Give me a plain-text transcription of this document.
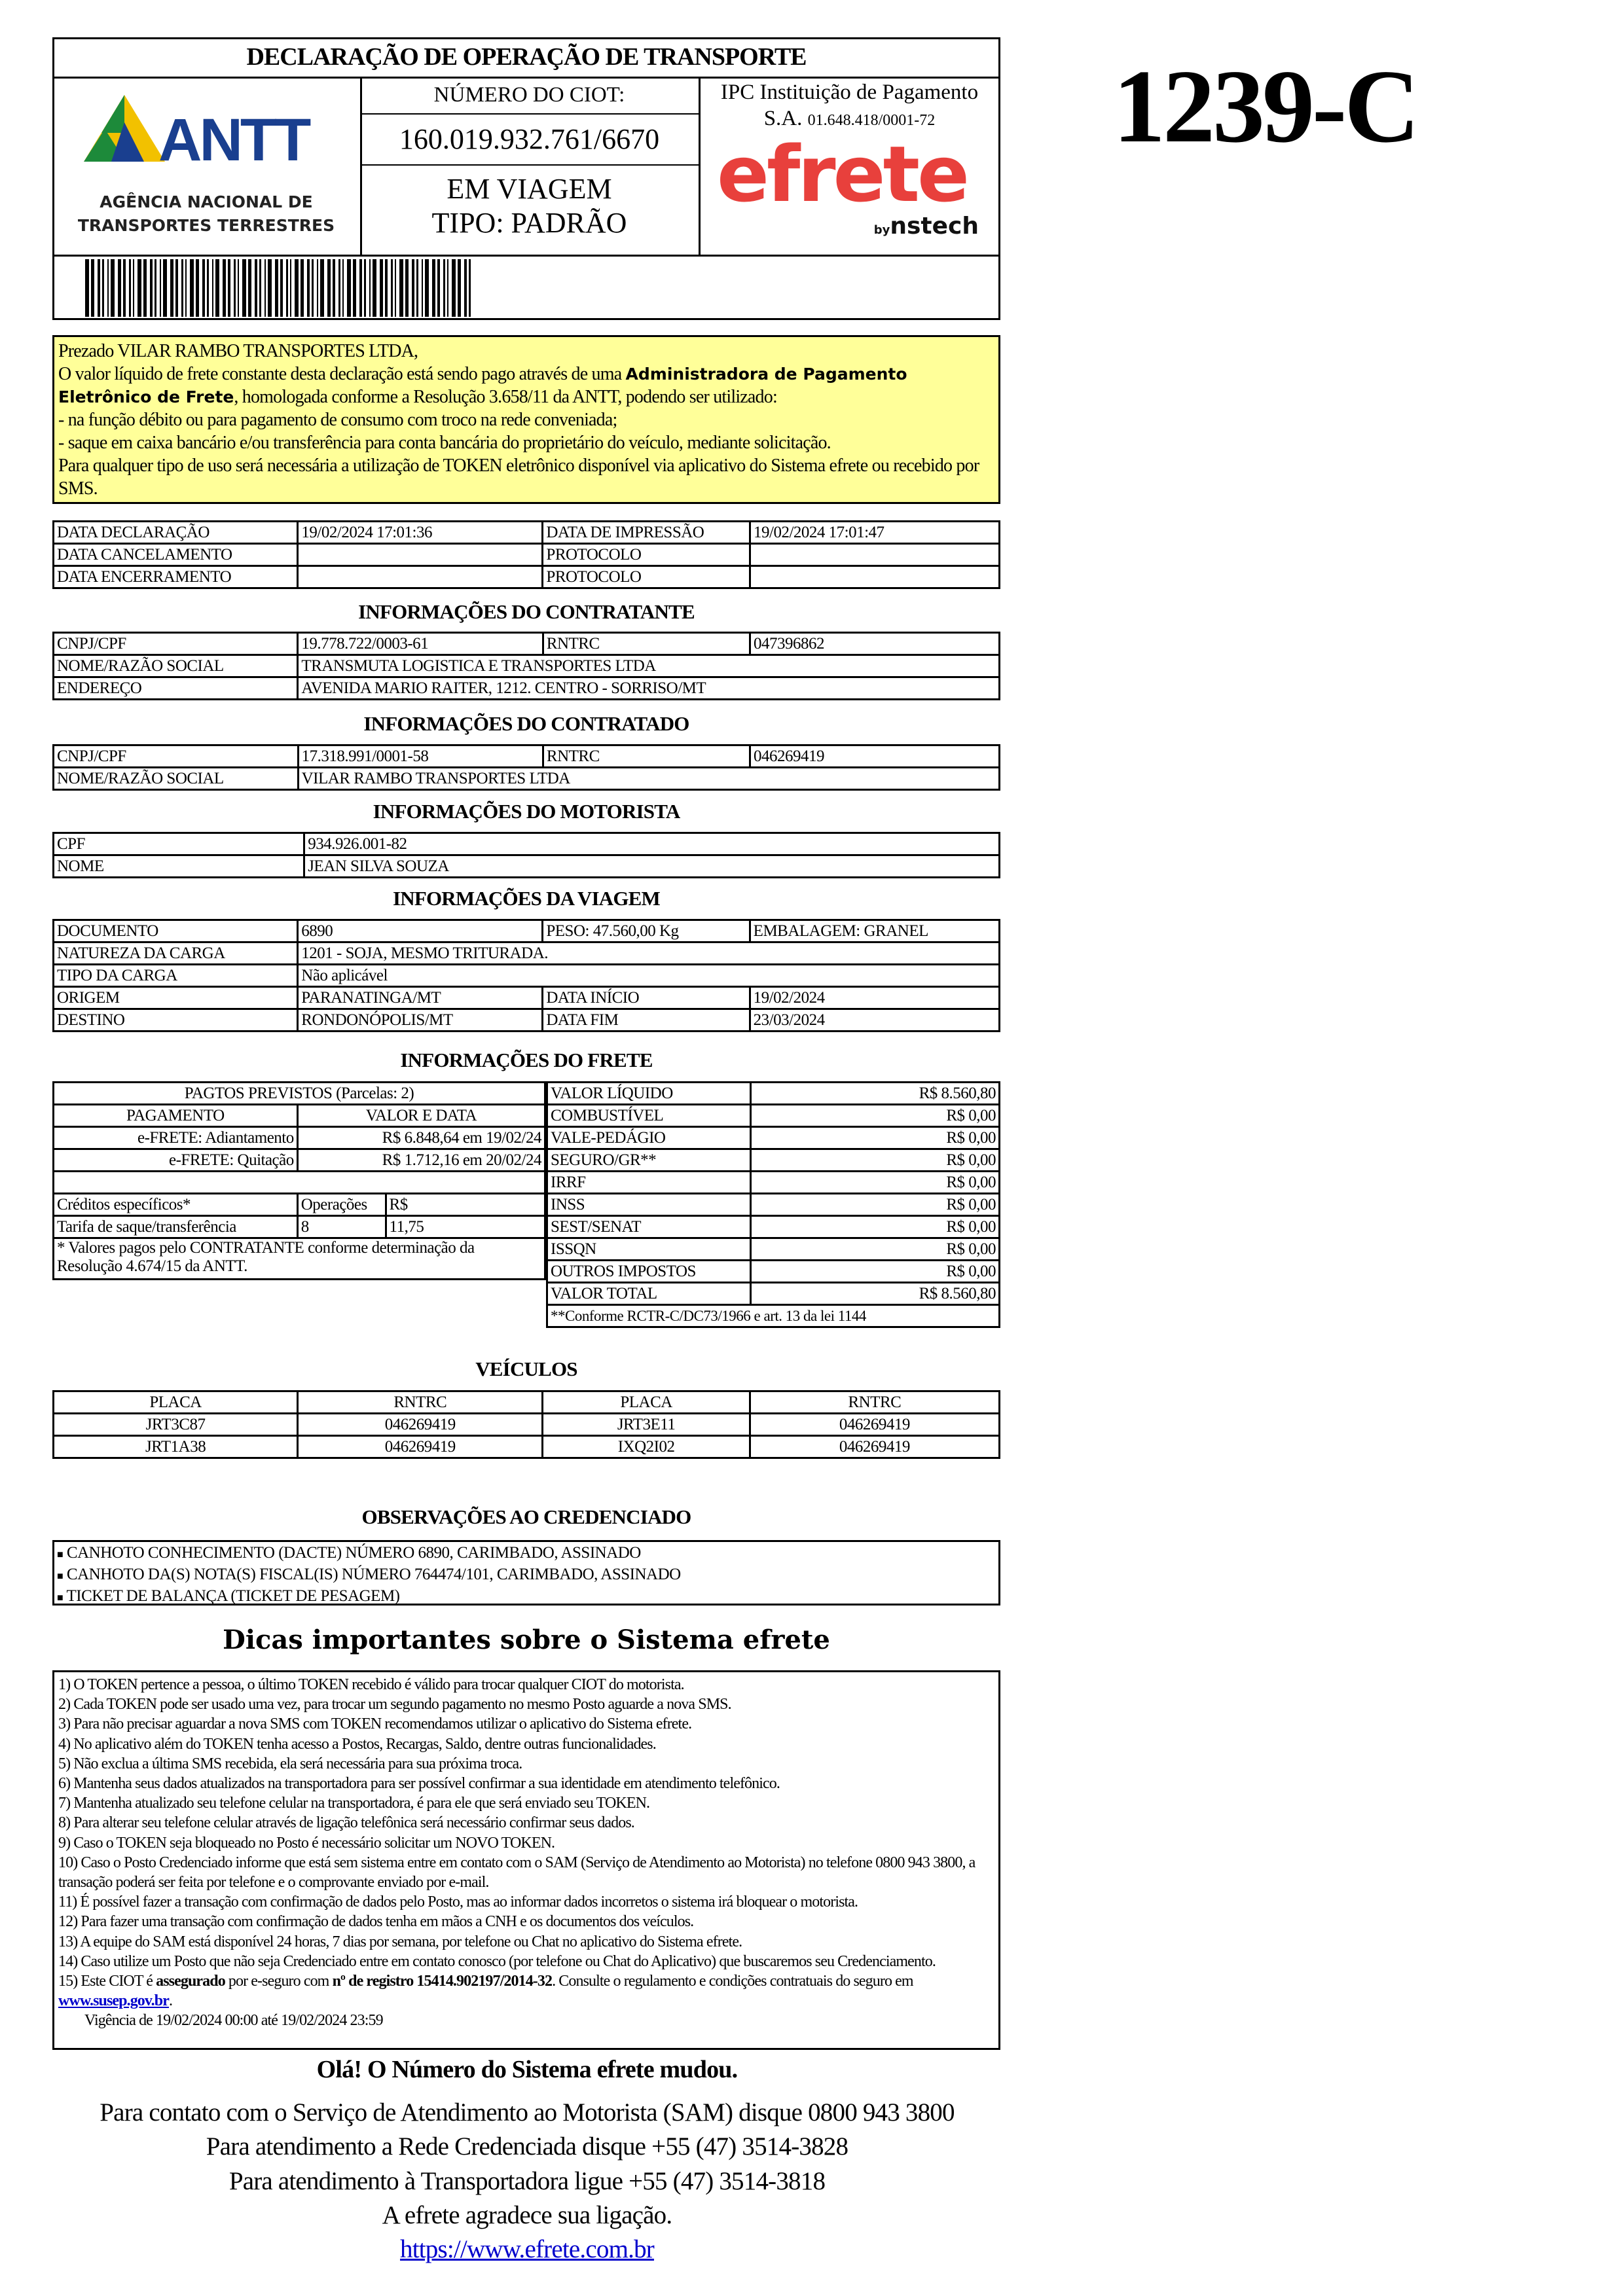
DECLARAÇÃO DE OPERAÇÃO DE TRANSPORTE
ANTT
AGÊNCIA NACIONAL DE
TRANSPORTES TERRESTRES
NÚMERO DO CIOT:
160.019.932.761/6670
EM VIAGEM
TIPO: PADRÃO
IPC Instituição de Pagamento
S.A. 01.648.418/0001-72
efrete
bynstech
1239-C
Prezado VILAR RAMBO TRANSPORTES LTDA,
O valor líquido de frete constante desta declaração está sendo pago através de uma Administradora de Pagamento Eletrônico de Frete, homologada conforme a Resolução 3.658/11 da ANTT, podendo ser utilizado:
- na função débito ou para pagamento de consumo com troco na rede conveniada;
- saque em caixa bancário e/ou transferência para conta bancária do proprietário do veículo, mediante solicitação.
Para qualquer tipo de uso será necessária a utilização de TOKEN eletrônico disponível via aplicativo do Sistema efrete ou recebido por SMS.
DATA DECLARAÇÃO	19/02/2024 17:01:36	DATA DE IMPRESSÃO	19/02/2024 17:01:47
DATA CANCELAMENTO		PROTOCOLO	
DATA ENCERRAMENTO		PROTOCOLO	
INFORMAÇÕES DO CONTRATANTE
CNPJ/CPF	19.778.722/0003-61	RNTRC	047396862
NOME/RAZÃO SOCIAL	TRANSMUTA LOGISTICA E TRANSPORTES LTDA		
ENDEREÇO	AVENIDA MARIO RAITER, 1212. CENTRO - SORRISO/MT		
INFORMAÇÕES DO CONTRATADO
CNPJ/CPF	17.318.991/0001-58	RNTRC	046269419
NOME/RAZÃO SOCIAL	VILAR RAMBO TRANSPORTES LTDA		
INFORMAÇÕES DO MOTORISTA
CPF	934.926.001-82
NOME	JEAN SILVA SOUZA
INFORMAÇÕES DA VIAGEM
DOCUMENTO	6890	PESO: 47.560,00 Kg	EMBALAGEM: GRANEL
NATUREZA DA CARGA	1201 - SOJA, MESMO TRITURADA.		
TIPO DA CARGA	Não aplicável		
ORIGEM	PARANATINGA/MT	DATA INÍCIO	19/02/2024
DESTINO	RONDONÓPOLIS/MT	DATA FIM	23/03/2024
INFORMAÇÕES DO FRETE
PAGTOS PREVISTOS (Parcelas: 2)		
PAGAMENTO	VALOR E DATA	
e-FRETE: Adiantamento	R$ 6.848,64 em 19/02/24	
e-FRETE: Quitação	R$ 1.712,16 em 20/02/24	

Créditos específicos*	Operações	R$
Tarifa de saque/transferência	8	11,75
* Valores pagos pelo CONTRATANTE conforme determinação da Resolução 4.674/15 da ANTT.		
VALOR LÍQUIDO	R$ 8.560,80
COMBUSTÍVEL	R$ 0,00
VALE-PEDÁGIO	R$ 0,00
SEGURO/GR**	R$ 0,00
IRRF	R$ 0,00
INSS	R$ 0,00
SEST/SENAT	R$ 0,00
ISSQN	R$ 0,00
OUTROS IMPOSTOS	R$ 0,00
VALOR TOTAL	R$ 8.560,80
**Conforme RCTR-C/DC73/1966 e art. 13 da lei 1144	
VEÍCULOS
PLACA	RNTRC	PLACA	RNTRC
JRT3C87	046269419	JRT3E11	046269419
JRT1A38	046269419	IXQ2I02	046269419
OBSERVAÇÕES AO CREDENCIADO
■ CANHOTO CONHECIMENTO (DACTE) NÚMERO 6890, CARIMBADO, ASSINADO
■ CANHOTO DA(S) NOTA(S) FISCAL(IS) NÚMERO 764474/101, CARIMBADO, ASSINADO
■ TICKET DE BALANÇA (TICKET DE PESAGEM)
Dicas importantes sobre o Sistema efrete
1) O TOKEN pertence a pessoa, o último TOKEN recebido é válido para trocar qualquer CIOT do motorista.
2) Cada TOKEN pode ser usado uma vez, para trocar um segundo pagamento no mesmo Posto aguarde a nova SMS.
3) Para não precisar aguardar a nova SMS com TOKEN recomendamos utilizar o aplicativo do Sistema efrete.
4) No aplicativo além do TOKEN tenha acesso a Postos, Recargas, Saldo, dentre outras funcionalidades.
5) Não exclua a última SMS recebida, ela será necessária para sua próxima troca.
6) Mantenha seus dados atualizados na transportadora para ser possível confirmar a sua identidade em atendimento telefônico.
7) Mantenha atualizado seu telefone celular na transportadora, é para ele que será enviado seu TOKEN.
8) Para alterar seu telefone celular através de ligação telefônica será necessário confirmar seus dados.
9) Caso o TOKEN seja bloqueado no Posto é necessário solicitar um NOVO TOKEN.
10) Caso o Posto Credenciado informe que está sem sistema entre em contato com o SAM (Serviço de Atendimento ao Motorista) no telefone 0800 943 3800, a transação poderá ser feita por telefone e o comprovante enviado por e-mail.
11) É possível fazer a transação com confirmação de dados pelo Posto, mas ao informar dados incorretos o sistema irá bloquear o motorista.
12) Para fazer uma transação com confirmação de dados tenha em mãos a CNH e os documentos dos veículos.
13) A equipe do SAM está disponível 24 horas, 7 dias por semana, por telefone ou Chat no aplicativo do Sistema efrete.
14) Caso utilize um Posto que não seja Credenciado entre em contato conosco (por telefone ou Chat do Aplicativo) que buscaremos seu Credenciamento.
15) Este CIOT é assegurado por e-seguro com nº de registro 15414.902197/2014-32. Consulte o regulamento e condições contratuais do seguro em www.susep.gov.br.
Vigência de 19/02/2024 00:00 até 19/02/2024 23:59
Olá! O Número do Sistema efrete mudou.
Para contato com o Serviço de Atendimento ao Motorista (SAM) disque 0800 943 3800
Para atendimento a Rede Credenciada disque +55 (47) 3514-3828
Para atendimento à Transportadora ligue +55 (47) 3514-3818
A efrete agradece sua ligação.
https://www.efrete.com.br
